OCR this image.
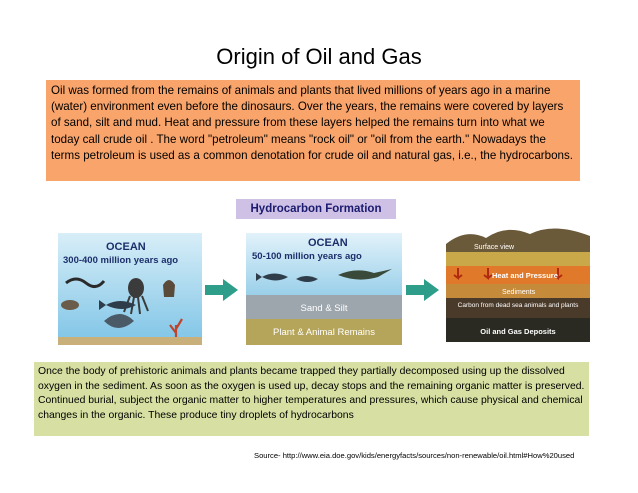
Origin of Oil and Gas
Oil was formed from the remains of animals and plants that lived millions of years ago in a marine (water) environment even before the dinosaurs. Over the years, the remains were covered by layers of sand, silt and mud. Heat and pressure from these layers helped the remains turn into what we today call crude oil . The word "petroleum" means "rock oil" or "oil from the earth." Nowadays the terms petroleum is used as a common denotation for crude oil and natural gas, i.e., the hydrocarbons.
Hydrocarbon Formation
OCEAN
300-400 million years ago
OCEAN
50-100 million years ago
Sand & Silt
Plant & Animal Remains
Surface view
Heat and Pressure
Sediments
Carbon from dead sea animals and plants
Oil and Gas Deposits
Once the body of prehistoric animals and plants became trapped they partially decomposed using up the dissolved oxygen in the sediment. As soon as the oxygen is used up, decay stops and the remaining organic matter is preserved. Continued burial, subject the organic matter to higher temperatures and pressures, which cause physical and chemical changes in the organic. These produce tiny droplets of hydrocarbons
Source- http://www.eia.doe.gov/kids/energyfacts/sources/non-renewable/oil.html#How%20used
